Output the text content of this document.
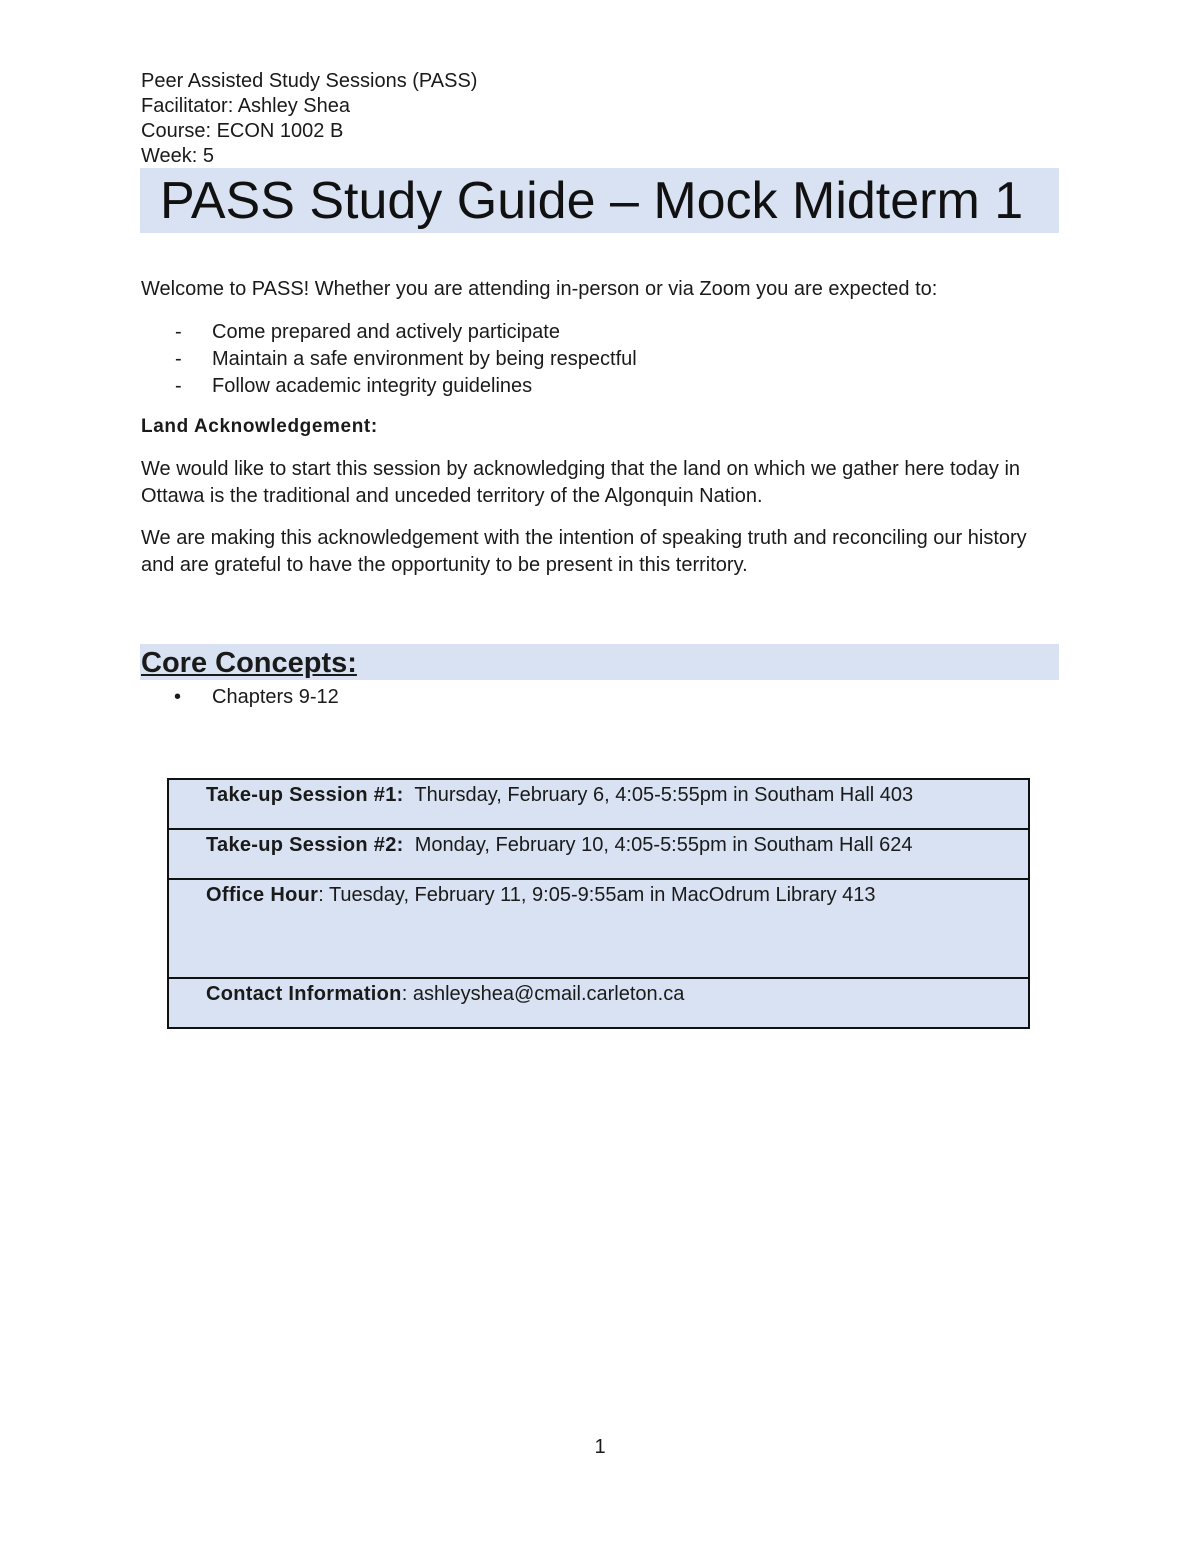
Peer Assisted Study Sessions (PASS)
Facilitator: Ashley Shea
Course: ECON 1002 B
Week: 5
PASS Study Guide – Mock Midterm 1
Welcome to PASS! Whether you are attending in-person or via Zoom you are expected to:
- Come prepared and actively participate
- Maintain a safe environment by being respectful
- Follow academic integrity guidelines
Land Acknowledgement:
We would like to start this session by acknowledging that the land on which we gather here today in Ottawa is the traditional and unceded territory of the Algonquin Nation.
We are making this acknowledgement with the intention of speaking truth and reconciling our history and are grateful to have the opportunity to be present in this territory.
Core Concepts:
• Chapters 9-12
Take-up Session #1: Thursday, February 6, 4:05-5:55pm in Southam Hall 403
Take-up Session #2: Monday, February 10, 4:05-5:55pm in Southam Hall 624
Office Hour: Tuesday, February 11, 9:05-9:55am in MacOdrum Library 413
Contact Information: ashleyshea@cmail.carleton.ca
1
